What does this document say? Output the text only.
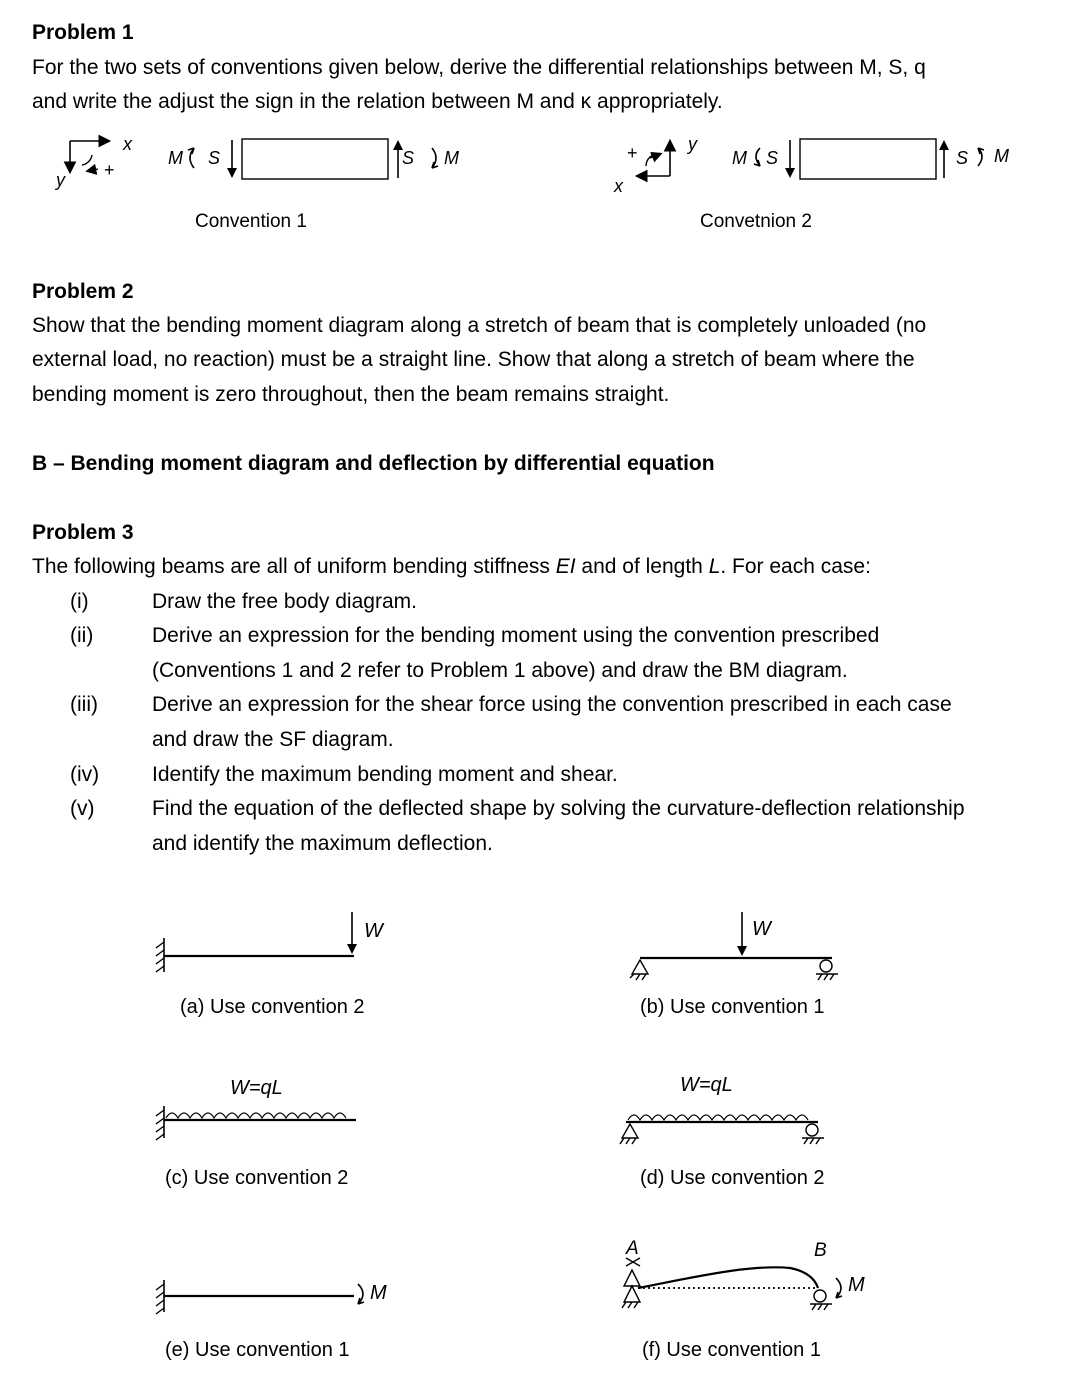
Problem 1
For the two sets of conventions given below, derive the differential relationships between M, S, q
and write the adjust the sign in the relation between M and κ appropriately.
x
y +
M S	S M
Convention 1
y
x
+	M S	S M
Convetnion 2
Problem 2
Show that the bending moment diagram along a stretch of beam that is completely unloaded (no
external load, no reaction) must be a straight line. Show that along a stretch of beam where the
bending moment is zero throughout, then the beam remains straight.
B – Bending moment diagram and deflection by differential equation
Problem 3
The following beams are all of uniform bending stiffness EI and of length L. For each case:
(i)	Draw the free body diagram.
(ii)	Derive an expression for the bending moment using the convention prescribed
(Conventions 1 and 2 refer to Problem 1 above) and draw the BM diagram.
(iii)	Derive an expression for the shear force using the convention prescribed in each case
and draw the SF diagram.
(iv)	Identify the maximum bending moment and shear.
(v)	Find the equation of the deflected shape by solving the curvature-deflection relationship
and identify the maximum deflection.
W
(a) Use convention 2
W
(b) Use convention 1
W=qL
(c) Use convention 2
W=qL
(d) Use convention 2
M
(e) Use convention 1
A	B
M
(f) Use convention 1
